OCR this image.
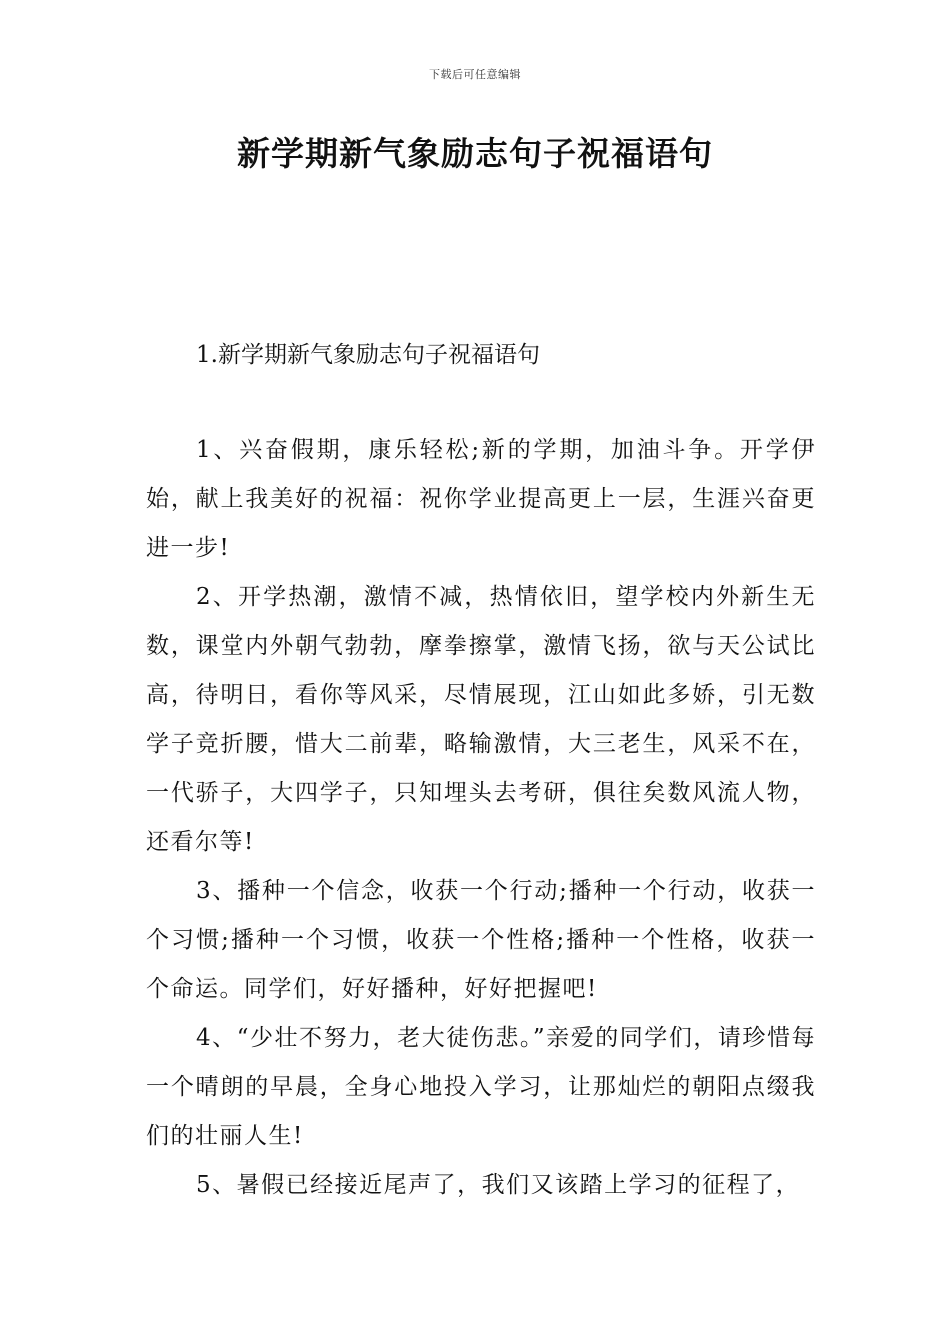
下载后可任意编辑
新学期新气象励志句子祝福语句
1.新学期新气象励志句子祝福语句

1、兴奋假期，康乐轻松;新的学期，加油斗争。开学伊始，献上我美好的祝福：祝你学业提高更上一层，生涯兴奋更进一步!

2、开学热潮，激情不减，热情依旧，望学校内外新生无数，课堂内外朝气勃勃，摩拳擦掌，激情飞扬，欲与天公试比高，待明日，看你等风采，尽情展现，江山如此多娇，引无数学子竞折腰，惜大二前辈，略输激情，大三老生，风采不在，一代骄子，大四学子，只知埋头去考研，俱往矣数风流人物，还看尔等!

3、播种一个信念，收获一个行动;播种一个行动，收获一个习惯;播种一个习惯，收获一个性格;播种一个性格，收获一个命运。同学们，好好播种，好好把握吧!

4、“少壮不努力，老大徒伤悲。”亲爱的同学们，请珍惜每一个晴朗的早晨，全身心地投入学习，让那灿烂的朝阳点缀我们的壮丽人生!

5、暑假已经接近尾声了，我们又该踏上学习的征程了，
